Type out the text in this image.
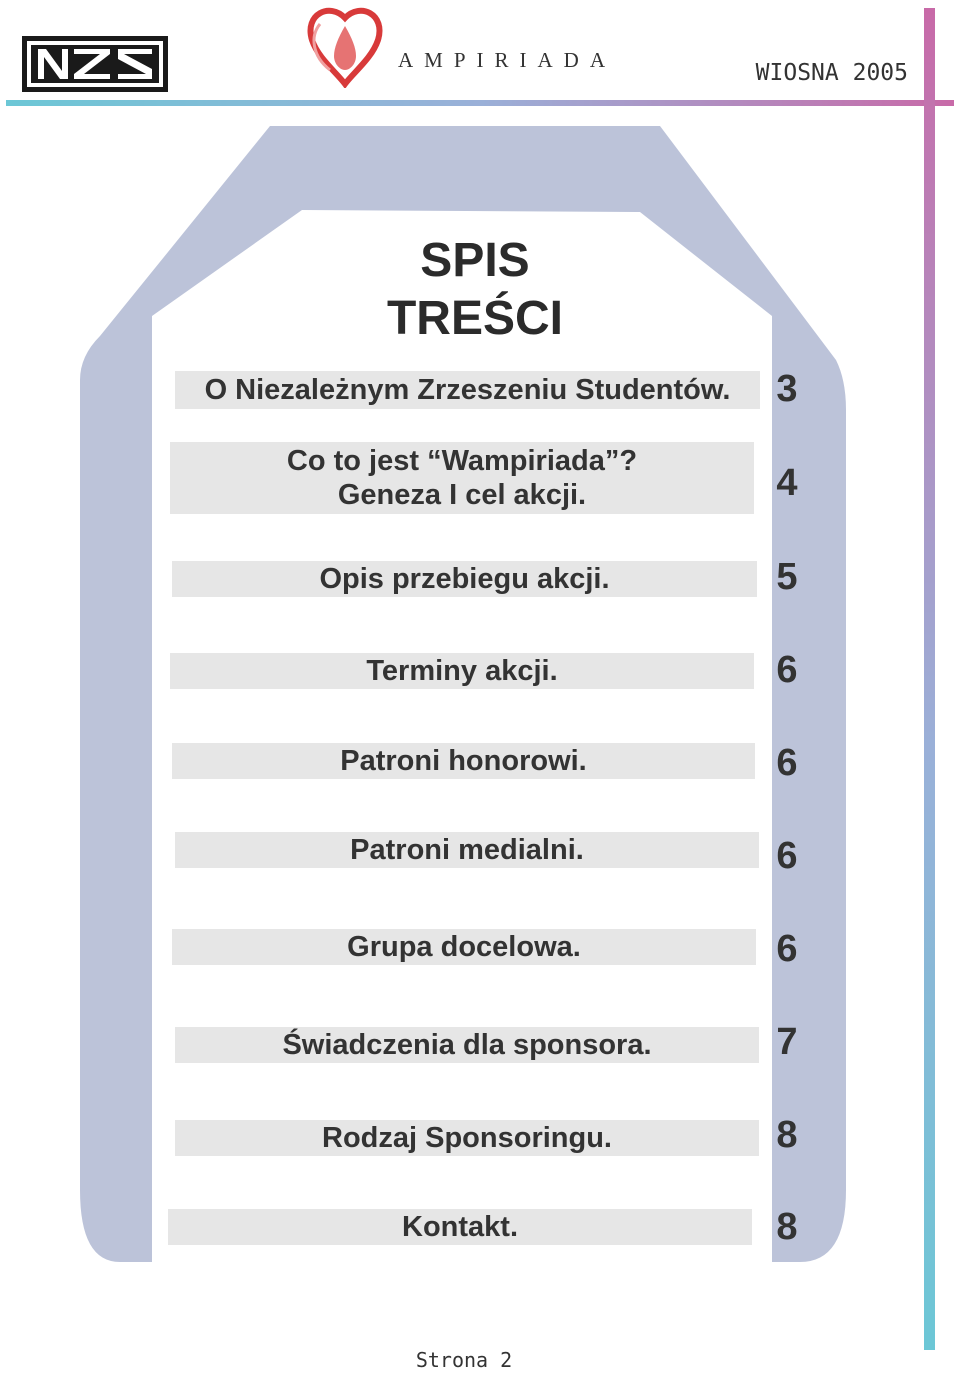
AMPIRIADA	WIOSNA 2005
SPIS
TREŚCI
O Niezależnym Zrzeszeniu Studentów. 3
Co to jest “Wampiriada”?
Geneza I cel akcji.	4
Opis przebiegu akcji.	5
Terminy akcji.	6
Patroni honorowi.	6
Patroni medialni.	6
Grupa docelowa.	6
Świadczenia dla sponsora.	7
Rodzaj Sponsoringu.	8
Kontakt.	8
Strona 2
